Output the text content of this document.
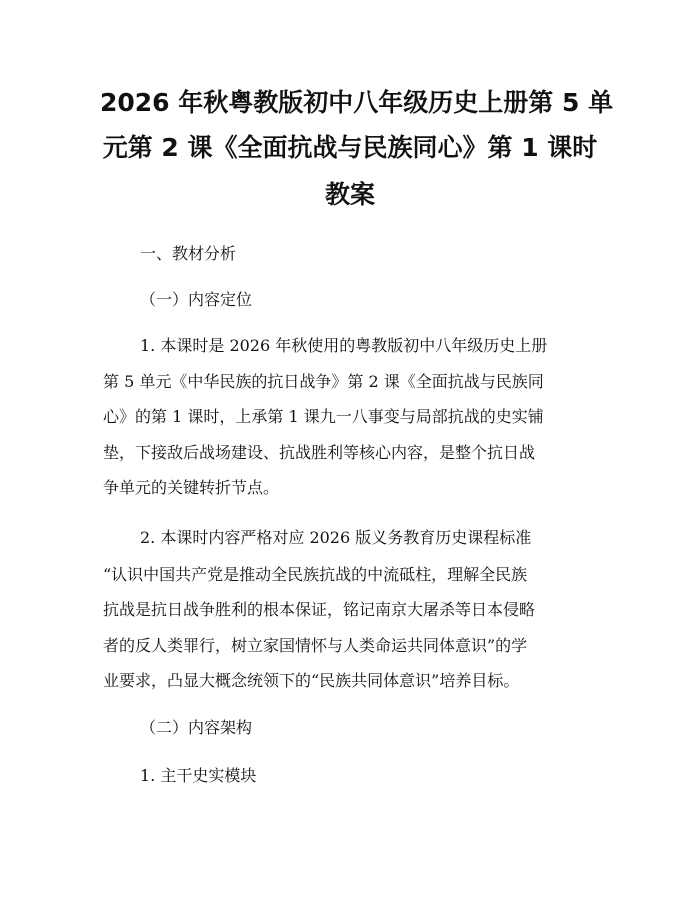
2026 年秋粤教版初中八年级历史上册第 5 单
元第 2 课《全面抗战与民族同心》第 1 课时
教案
一、教材分析
（一）内容定位
1. 本课时是 2026 年秋使用的粤教版初中八年级历史上册
第 5 单元《中华民族的抗日战争》第 2 课《全面抗战与民族同
心》的第 1 课时，上承第 1 课九一八事变与局部抗战的史实铺
垫，下接敌后战场建设、抗战胜利等核心内容，是整个抗日战
争单元的关键转折节点。
2. 本课时内容严格对应 2026 版义务教育历史课程标准
“认识中国共产党是推动全民族抗战的中流砥柱，理解全民族
抗战是抗日战争胜利的根本保证，铭记南京大屠杀等日本侵略
者的反人类罪行，树立家国情怀与人类命运共同体意识”的学
业要求，凸显大概念统领下的“民族共同体意识”培养目标。
（二）内容架构
1. 主干史实模块
